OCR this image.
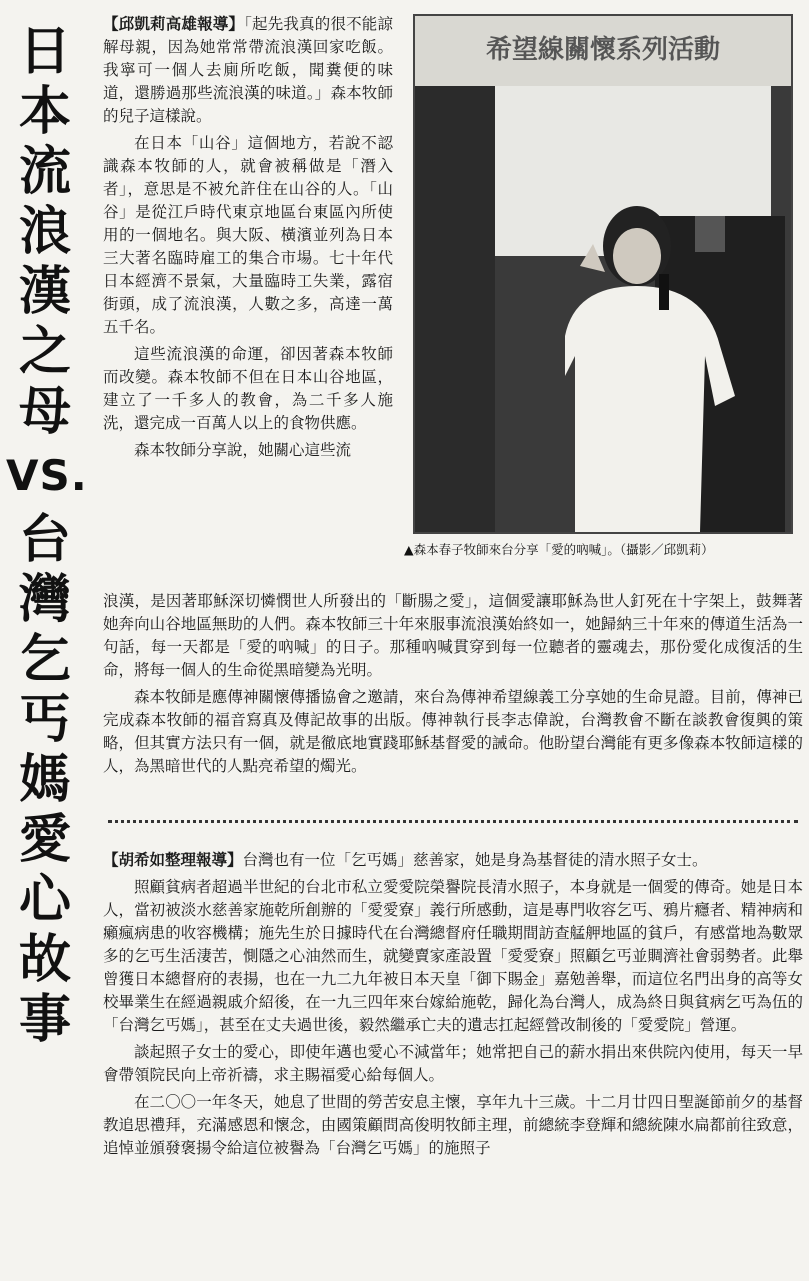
日
本
流
浪
漢
之
母
VS.
台
灣
乞
丐
媽
愛
心
故
事

【邱凱莉高雄報導】「起先我真的很不能諒解母親，因為她常常帶流浪漢回家吃飯。我寧可一個人去廁所吃飯，聞糞便的味道，還勝過那些流浪漢的味道。」森本牧師的兒子這樣說。

在日本「山谷」這個地方，若說不認識森本牧師的人，就會被稱做是「潛入者」，意思是不被允許住在山谷的人。「山谷」是從江戶時代東京地區台東區內所使用的一個地名。與大阪、橫濱並列為日本三大著名臨時雇工的集合市場。七十年代日本經濟不景氣，大量臨時工失業，露宿街頭，成了流浪漢，人數之多，高達一萬五千名。

這些流浪漢的命運，卻因著森本牧師而改變。森本牧師不但在日本山谷地區，建立了一千多人的教會，為二千多人施洗，還完成一百萬人以上的食物供應。

森本牧師分享說，她關心這些流

希望線關懷系列活動
▲森本春子牧師來台分享「愛的吶喊」。（攝影／邱凱莉）

浪漢，是因著耶穌深切憐憫世人所發出的「斷腸之愛」，這個愛讓耶穌為世人釘死在十字架上，鼓舞著她奔向山谷地區無助的人們。森本牧師三十年來服事流浪漢始終如一，她歸納三十年來的傳道生活為一句話，每一天都是「愛的吶喊」的日子。那種吶喊貫穿到每一位聽者的靈魂去，那份愛化成復活的生命，將每一個人的生命從黑暗變為光明。

森本牧師是應傳神關懷傳播協會之邀請，來台為傳神希望線義工分享她的生命見證。目前，傳神已完成森本牧師的福音寫真及傳記故事的出版。傳神執行長李志偉說，台灣教會不斷在談教會復興的策略，但其實方法只有一個，就是徹底地實踐耶穌基督愛的誡命。他盼望台灣能有更多像森本牧師這樣的人，為黑暗世代的人點亮希望的燭光。

【胡希如整理報導】台灣也有一位「乞丐媽」慈善家，她是身為基督徒的清水照子女士。

照顧貧病者超過半世紀的台北市私立愛愛院榮譽院長清水照子，本身就是一個愛的傳奇。她是日本人，當初被淡水慈善家施乾所創辦的「愛愛寮」義行所感動，這是專門收容乞丐、鴉片癮者、精神病和癩瘋病患的收容機構；施先生於日據時代在台灣總督府任職期間訪查艋舺地區的貧戶，有感當地為數眾多的乞丐生活淒苦，惻隱之心油然而生，就變賣家產設置「愛愛寮」照顧乞丐並賙濟社會弱勢者。此舉曾獲日本總督府的表揚，也在一九二九年被日本天皇「御下賜金」嘉勉善舉，而這位名門出身的高等女校畢業生在經過親戚介紹後，在一九三四年來台嫁給施乾，歸化為台灣人，成為終日與貧病乞丐為伍的「台灣乞丐媽」，甚至在丈夫過世後，毅然繼承亡夫的遺志扛起經營改制後的「愛愛院」營運。

談起照子女士的愛心，即使年邁也愛心不減當年；她常把自己的薪水捐出來供院內使用，每天一早會帶領院民向上帝祈禱，求主賜福愛心給每個人。

在二〇〇一年冬天，她息了世間的勞苦安息主懷，享年九十三歲。十二月廿四日聖誕節前夕的基督教追思禮拜，充滿感恩和懷念，由國策顧問高俊明牧師主理，前總統李登輝和總統陳水扁都前往致意，追悼並頒發褒揚令給這位被譽為「台灣乞丐媽」的施照子
